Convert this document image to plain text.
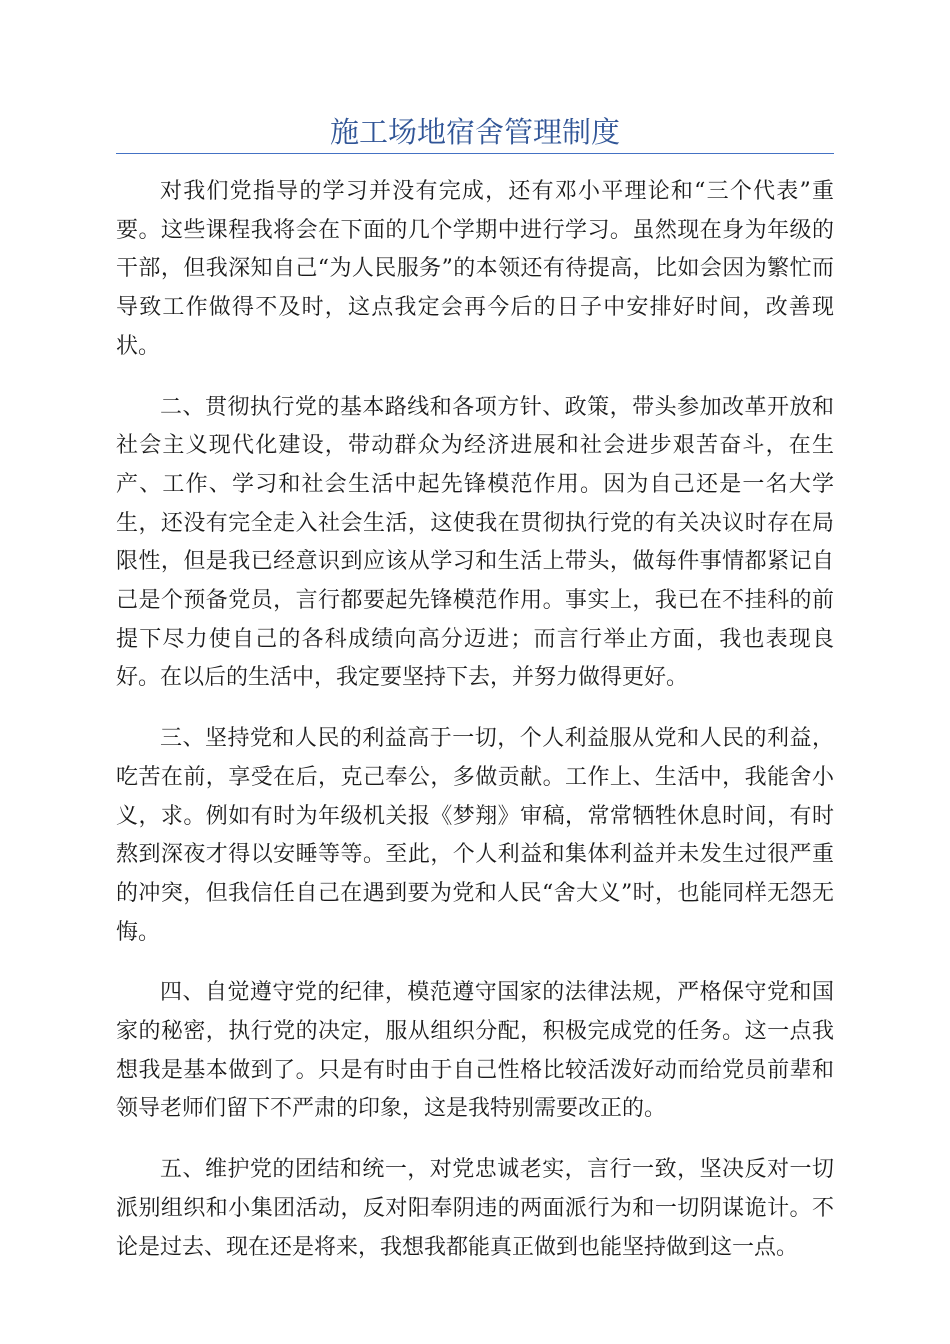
施工场地宿舍管理制度

对我们党指导的学习并没有完成，还有邓小平理论和“三个代表”重要。这些课程我将会在下面的几个学期中进行学习。虽然现在身为年级的干部，但我深知自己“为人民服务”的本领还有待提高，比如会因为繁忙而导致工作做得不及时，这点我定会再今后的日子中安排好时间，改善现状。

二、贯彻执行党的基本路线和各项方针、政策，带头参加改革开放和社会主义现代化建设，带动群众为经济进展和社会进步艰苦奋斗，在生产、工作、学习和社会生活中起先锋模范作用。因为自己还是一名大学生，还没有完全走入社会生活，这使我在贯彻执行党的有关决议时存在局限性，但是我已经意识到应该从学习和生活上带头，做每件事情都紧记自己是个预备党员，言行都要起先锋模范作用。事实上，我已在不挂科的前提下尽力使自己的各科成绩向高分迈进；而言行举止方面，我也表现良好。在以后的生活中，我定要坚持下去，并努力做得更好。

三、坚持党和人民的利益高于一切，个人利益服从党和人民的利益，吃苦在前，享受在后，克己奉公，多做贡献。工作上、生活中，我能舍小义，求。例如有时为年级机关报《梦翔》审稿，常常牺牲休息时间，有时熬到深夜才得以安睡等等。至此，个人利益和集体利益并未发生过很严重的冲突，但我信任自己在遇到要为党和人民“舍大义”时，也能同样无怨无悔。

四、自觉遵守党的纪律，模范遵守国家的法律法规，严格保守党和国家的秘密，执行党的决定，服从组织分配，积极完成党的任务。这一点我想我是基本做到了。只是有时由于自己性格比较活泼好动而给党员前辈和领导老师们留下不严肃的印象，这是我特别需要改正的。

五、维护党的团结和统一，对党忠诚老实，言行一致，坚决反对一切派别组织和小集团活动，反对阳奉阴违的两面派行为和一切阴谋诡计。不论是过去、现在还是将来，我想我都能真正做到也能坚持做到这一点。
